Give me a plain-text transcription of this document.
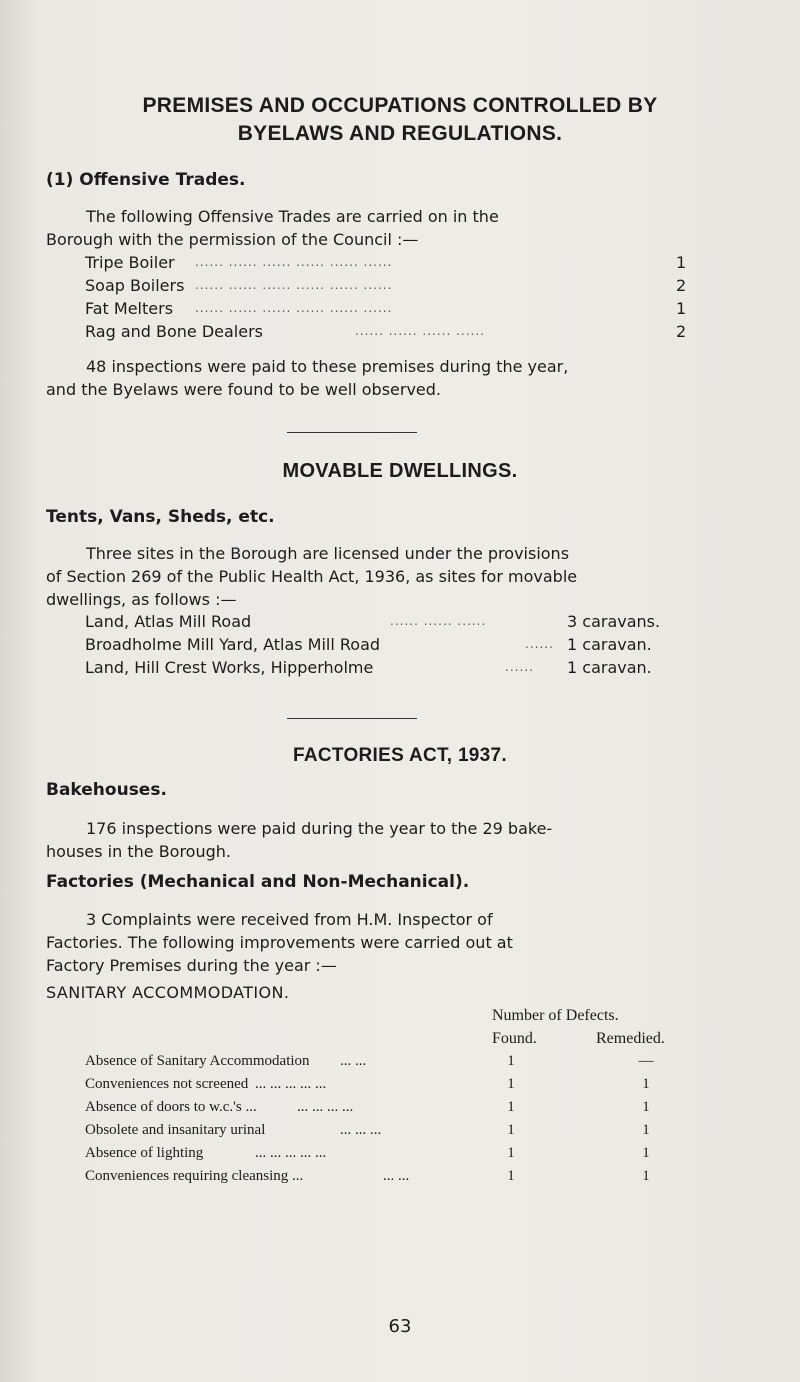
PREMISES AND OCCUPATIONS CONTROLLED BY
BYELAWS AND REGULATIONS.
(1) Offensive Trades.
The following Offensive Trades are carried on in the
Borough with the permission of the Council :—
Tripe Boiler ...... ...... ...... ...... ...... ......	1
Soap Boilers ...... ...... ...... ...... ...... ......	2
Fat Melters ...... ...... ...... ...... ...... ......	1
Rag and Bone Dealers	...... ...... ...... ......	2
48 inspections were paid to these premises during the year,
and the Byelaws were found to be well observed.
MOVABLE DWELLINGS.
Tents, Vans, Sheds, etc.
Three sites in the Borough are licensed under the provisions
of Section 269 of the Public Health Act, 1936, as sites for movable
dwellings, as follows :—
Land, Atlas Mill Road	...... ...... ......	3 caravans.
Broadholme Mill Yard, Atlas Mill Road	...... 1 caravan.
Land, Hill Crest Works, Hipperholme	...... 1 caravan.
FACTORIES ACT, 1937.
Bakehouses.
176 inspections were paid during the year to the 29 bake-
houses in the Borough.
Factories (Mechanical and Non-Mechanical).
3 Complaints were received from H.M. Inspector of
Factories. The following improvements were carried out at
Factory Premises during the year :—
SANITARY ACCOMMODATION.
Number of Defects.
Found.	Remedied.
Absence of Sanitary Accommodation ... ...	1	—
Conveniences not screened ... ... ... ... ...	1	1
Absence of doors to w.c.'s ...	... ... ... ...	1	1
Obsolete and insanitary urinal	... ... ...	1	1
Absence of lighting	... ... ... ... ...	1	1
Conveniences requiring cleansing ...	... ...	1	1
63
